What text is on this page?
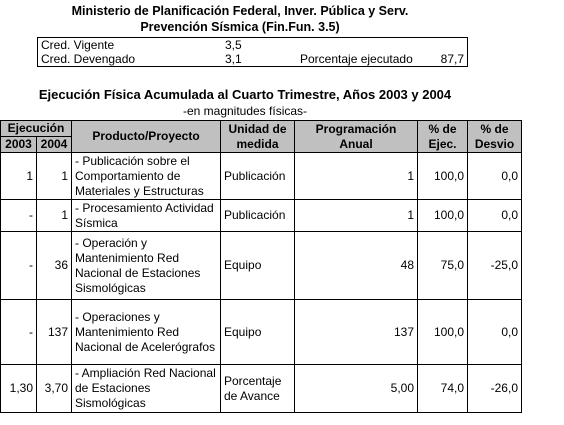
Ministerio de Planificación Federal, Inver. Pública y Serv.
Prevención Sísmica (Fin.Fun. 3.5)
Cred. Vigente	3,5
Cred. Devengado	3,1	Porcentaje ejecutado 87,7
Ejecución Física Acumulada al Cuarto Trimestre, Años 2003 y 2004
-en magnitudes físicas-
Ejecución		Producto/Proyecto	Unidad de medida	Programación Anual	% de Ejec.	% de Desvio
2003	2004					
1	1	- Publicación sobre el Comportamiento de Materiales y Estructuras	Publicación	1	100,0	0,0
-	1	- Procesamiento Actividad Sísmica	Publicación	1	100,0	0,0
-	36	- Operación y Mantenimiento Red Nacional de Estaciones Sismológicas	Equipo	48	75,0	-25,0
-	137	- Operaciones y Mantenimiento Red Nacional de Acelerógrafos	Equipo	137	100,0	0,0
1,30	3,70	- Ampliación Red Nacional de Estaciones Sismológicas	Porcentaje de Avance	5,00	74,0	-26,0
